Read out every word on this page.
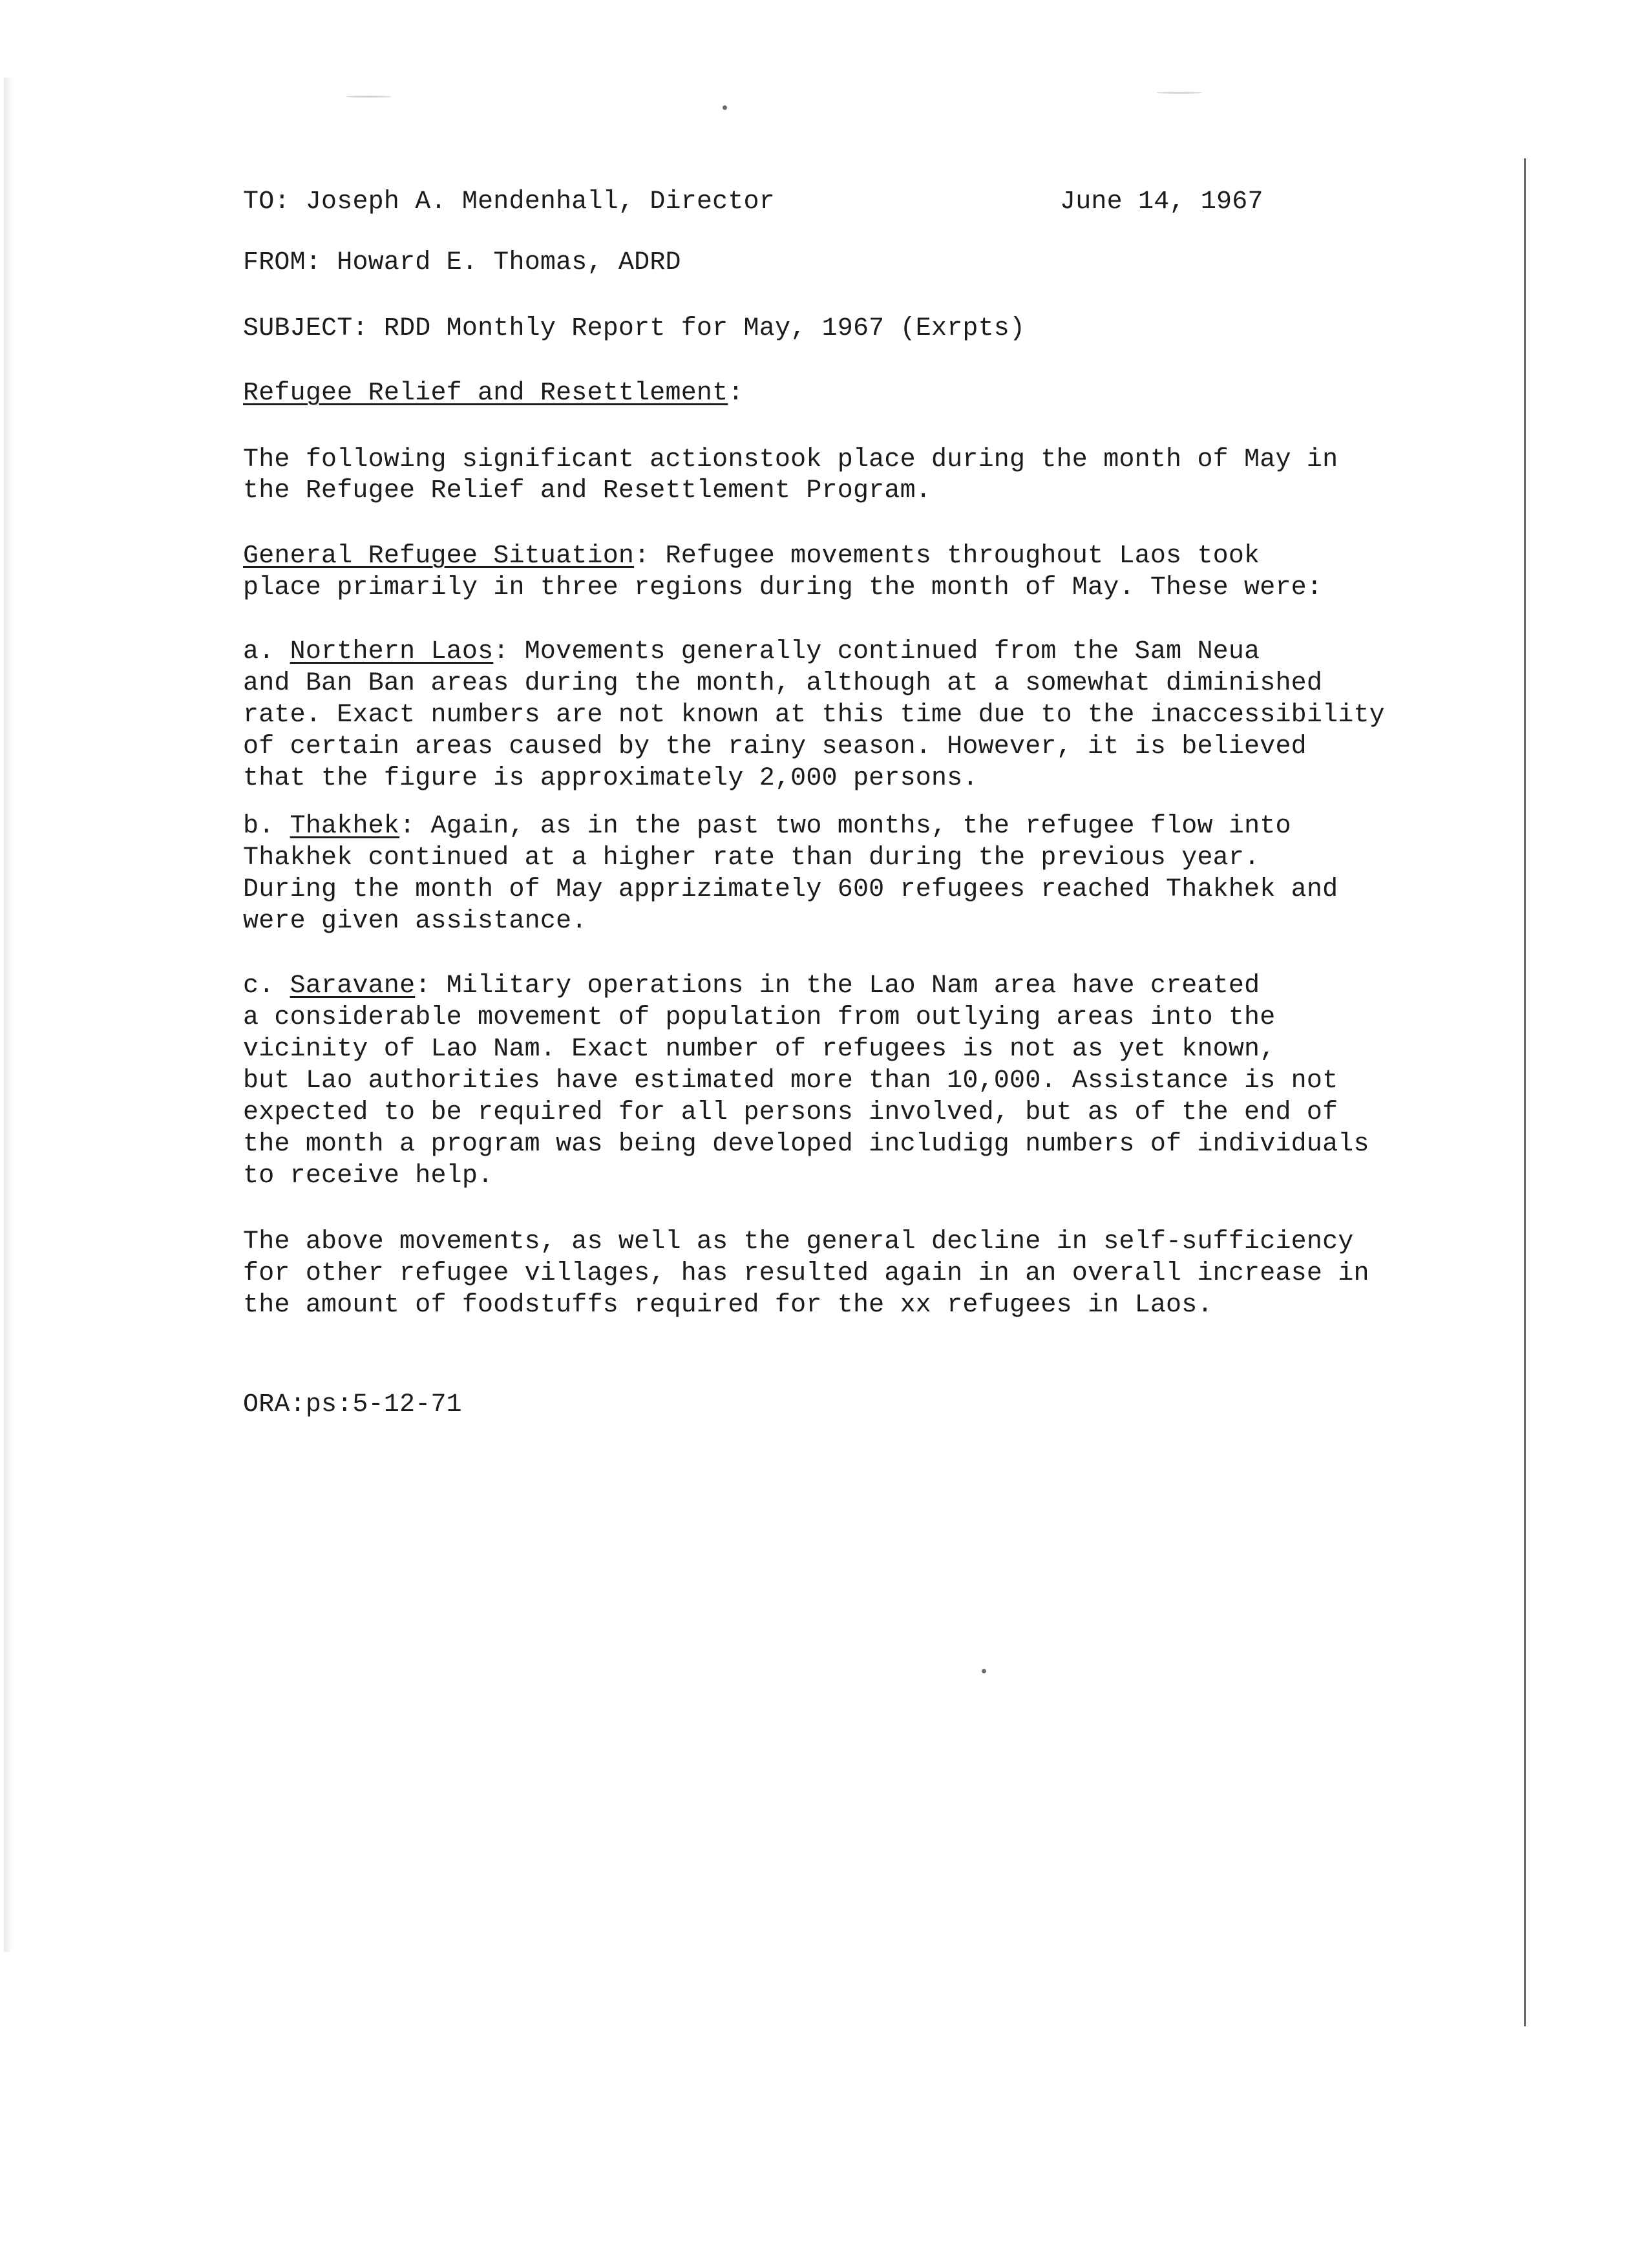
TO: Joseph A. Mendenhall, Director	June 14, 1967
FROM: Howard E. Thomas, ADRD
SUBJECT: RDD Monthly Report for May, 1967 (Exrpts)
Refugee Relief and Resettlement:
The following significant actionstook place during the month of May in
the Refugee Relief and Resettlement Program.
General Refugee Situation: Refugee movements throughout Laos took
place primarily in three regions during the month of May. These were:
a. Northern Laos: Movements generally continued from the Sam Neua
and Ban Ban areas during the month, although at a somewhat diminished
rate. Exact numbers are not known at this time due to the inaccessibility
of certain areas caused by the rainy season. However, it is believed
that the figure is approximately 2,000 persons.
b. Thakhek: Again, as in the past two months, the refugee flow into
Thakhek continued at a higher rate than during the previous year.
During the month of May apprizimately 600 refugees reached Thakhek and
were given assistance.
c. Saravane: Military operations in the Lao Nam area have created
a considerable movement of population from outlying areas into the
vicinity of Lao Nam. Exact number of refugees is not as yet known,
but Lao authorities have estimated more than 10,000. Assistance is not
expected to be required for all persons involved, but as of the end of
the month a program was being developed includigg numbers of individuals
to receive help.
The above movements, as well as the general decline in self-sufficiency
for other refugee villages, has resulted again in an overall increase in
the amount of foodstuffs required for the xx refugees in Laos.
ORA:ps:5-12-71
